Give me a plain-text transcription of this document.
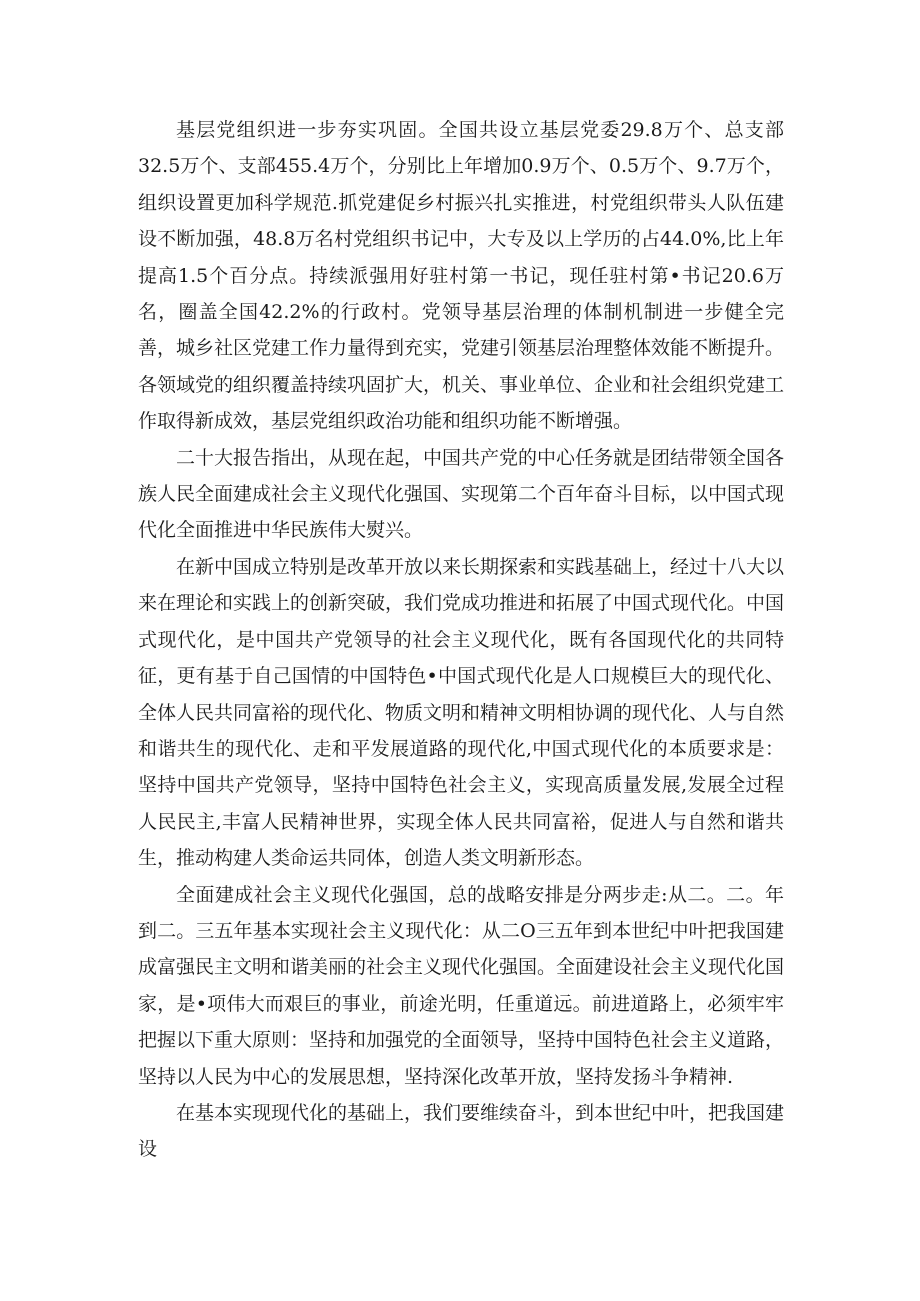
基层党组织进一步夯实巩固。全国共设立基层党委29.8万个、总支部32.5万个、支部455.4万个，分别比上年增加0.9万个、0.5万个、9.7万个，组织设置更加科学规范.抓党建促乡村振兴扎实推进，村党组织带头人队伍建设不断加强，48.8万名村党组织书记中，大专及以上学历的占44.0%,比上年提高1.5个百分点。持续派强用好驻村第一书记，现任驻村第•书记20.6万名，圈盖全国42.2%的行政村。党领导基层治理的体制机制进一步健全完善，城乡社区党建工作力量得到充实，党建引领基层治理整体效能不断提升。各领域党的组织覆盖持续巩固扩大，机关、事业单位、企业和社会组织党建工作取得新成效，基层党组织政治功能和组织功能不断增强。

二十大报告指出，从现在起，中国共产党的中心任务就是团结带领全国各族人民全面建成社会主义现代化强国、实现第二个百年奋斗目标，以中国式现代化全面推进中华民族伟大熨兴。

在新中国成立特别是改革开放以来长期探索和实践基础上，经过十八大以来在理论和实践上的创新突破，我们党成功推进和拓展了中国式现代化。中国式现代化，是中国共产党领导的社会主义现代化，既有各国现代化的共同特征，更有基于自己国情的中国特色•中国式现代化是人口规模巨大的现代化、全体人民共同富裕的现代化、物质文明和精神文明相协调的现代化、人与自然和谐共生的现代化、走和平发展道路的现代化,中国式现代化的本质要求是：坚持中国共产党领导，坚持中国特色社会主义，实现高质量发展,发展全过程人民民主,丰富人民精神世界，实现全体人民共同富裕，促进人与自然和谐共生，推动构建人类命运共同体，创造人类文明新形态。

全面建成社会主义现代化强国，总的战略安排是分两步走:从二。二。年到二。三五年基本实现社会主义现代化：从二O三五年到本世纪中叶把我国建成富强民主文明和谐美丽的社会主义现代化强国。全面建设社会主义现代化国家，是•项伟大而艰巨的事业，前途光明，任重道远。前进道路上，必须牢牢把握以下重大原则：坚持和加强党的全面领导，坚持中国特色社会主义道路，坚持以人民为中心的发展思想，坚持深化改革开放，坚持发扬斗争精神.

在基本实现现代化的基础上，我们要维续奋斗，到本世纪中叶，把我国建设
